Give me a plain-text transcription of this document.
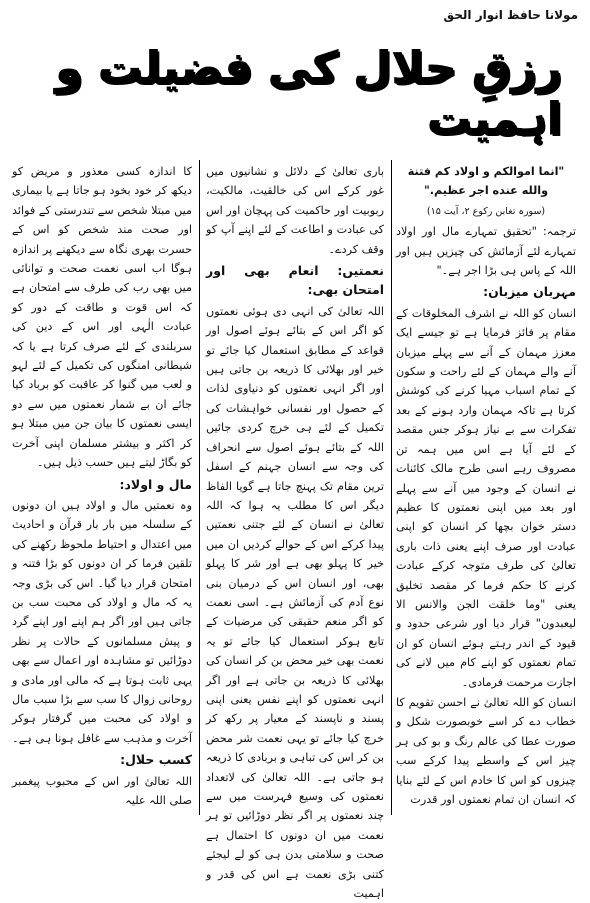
مولانا حافظ انوار الحق
رزقِ حلال کی فضیلت و اہمیت

"انما اموالکم و اولاد کم فتنة والله عنده اجر عظیم."

(سورہ تغابن رکوع ۲، آیت ۱۵)

ترجمہ: "تحقیق تمہارے مال اور اولاد تمہارے لئے آزمائش کی چیزیں ہیں اور اللہ کے پاس ہی بڑا اجر ہے۔"

مہربان میزبان:

انسان کو اللہ نے اشرف المخلوقات کے مقام پر فائز فرمایا ہے تو جیسے ایک معزز مہمان کے آنے سے پہلے میزبان آنے والے مہمان کے لئے راحت و سکون کے تمام اسباب مہیا کرنے کی کوشش کرتا ہے تاکہ مہمان وارد ہونے کے بعد تفکرات سے بے نیاز ہوکر جس مقصد کے لئے آیا ہے اس میں ہمہ تن مصروف رہے اسی طرح مالک کائنات نے انسان کے وجود میں آنے سے پہلے اور بعد میں اپنی نعمتوں کا عظیم دستر خوان بچھا کر انسان کو اپنی عبادت اور صرف اپنے یعنی ذات باری تعالیٰ کی طرف متوجہ کرکے عبادت کرنے کا حکم فرما کر مقصد تخلیق یعنی "وما خلقت الجن والانس الا لیعبدون" قرار دیا اور شرعی حدود و قیود کے اندر رہتے ہوئے انسان کو ان تمام نعمتوں کو اپنے کام میں لانے کی اجازت مرحمت فرمادی۔

انسان کو اللہ تعالیٰ نے احسن تقویم کا خطاب دے کر اسے خوبصورت شکل و صورت عطا کی عالم رنگ و بو کی ہر چیز اس کے واسطے پیدا کرکے سب چیزوں کو اس کا خادم اس کے لئے بنایا کہ انسان ان تمام نعمتوں اور قدرت

باری تعالیٰ کے دلائل و نشانیوں میں غور کرکے اس کی خالقیت، مالکیت، ربوبیت اور حاکمیت کی پہچان اور اس کی عبادت و اطاعت کے لئے اپنے آپ کو وقف کردے۔

نعمتیں: انعام بھی اور امتحان بھی:

اللہ تعالیٰ کی انہی دی ہوئی نعمتوں کو اگر اس کے بتائے ہوئے اصول اور قواعد کے مطابق استعمال کیا جائے تو خیر اور بھلائی کا ذریعہ بن جاتی ہیں اور اگر انہی نعمتوں کو دنیاوی لذات کے حصول اور نفسانی خواہشات کی تکمیل کے لئے ہی خرچ کردی جائیں اللہ کے بتائے ہوئے اصول سے انحراف کی وجہ سے انسان جہنم کے اسفل ترین مقام تک پہنچ جاتا ہے گویا الفاظ دیگر اس کا مطلب یہ ہوا کہ اللہ تعالیٰ نے انسان کے لئے جتنی نعمتیں پیدا کرکے اس کے حوالے کردیں ان میں خیر کا پہلو بھی ہے اور شر کا پہلو بھی، اور انسان اس کے درمیان بنی نوع آدم کی آزمائش ہے۔ اسی نعمت کو اگر منعم حقیقی کی مرضیات کے تابع ہوکر استعمال کیا جائے تو یہ نعمت بھی خیر محض بن کر انسان کی بھلائی کا ذریعہ بن جاتی ہے اور اگر انہی نعمتوں کو اپنے نفس یعنی اپنی پسند و ناپسند کے معیار پر رکھ کر خرچ کیا جائے تو یہی نعمت شر محض بن کر اس کی تباہی و بربادی کا ذریعہ ہو جاتی ہے۔ اللہ تعالیٰ کی لاتعداد نعمتوں کی وسیع فہرست میں سے چند نعمتوں پر اگر نظر دوڑائیں تو ہر نعمت میں ان دونوں کا احتمال ہے صحت و سلامتی بدن ہی کو لے لیجئے کتنی بڑی نعمت ہے اس کی قدر و اہمیت

کا اندازہ کسی معذور و مریض کو دیکھ کر خود بخود ہو جاتا ہے یا بیماری میں مبتلا شخص سے تندرستی کے فوائد اور صحت مند شخص کو اس کے حسرت بھری نگاہ سے دیکھنے پر اندازہ ہوگا اب اسی نعمت صحت و توانائی میں بھی رب کی طرف سے امتحان ہے کہ اس قوت و طاقت کے دور کو عبادت الٰہی اور اس کے دین کی سربلندی کے لئے صرف کرتا ہے یا کہ شیطانی امنگوں کی تکمیل کے لئے لہو و لعب میں گنوا کر عاقبت کو برباد کیا جائے ان بے شمار نعمتوں میں سے دو ایسی نعمتوں کا بیان جن میں مبتلا ہو کر اکثر و بیشتر مسلمان اپنی آخرت کو بگاڑ لیتے ہیں حسب ذیل ہیں۔

مال و اولاد:

وہ نعمتیں مال و اولاد ہیں ان دونوں کے سلسلہ میں بار بار قرآن و احادیث میں اعتدال و احتیاط ملحوظ رکھنے کی تلقین فرما کر ان دونوں کو بڑا فتنہ و امتحان قرار دیا گیا۔ اس کی بڑی وجہ یہ کہ مال و اولاد کی محبت سب بن جاتی ہیں اور اگر ہم اپنے اور اپنے گرد و پیش مسلمانوں کے حالات پر نظر دوڑائیں تو مشاہدہ اور اعمال سے بھی یہی ثابت ہوتا ہے کہ مالی اور مادی و روحانی زوال کا سب سے بڑا سبب مال و اولاد کی محبت میں گرفتار ہوکر آخرت و مذہب سے غافل ہونا ہی ہے۔

کسب حلال:

اللہ تعالیٰ اور اس کے محبوب پیغمبر صلی اللہ علیہ
